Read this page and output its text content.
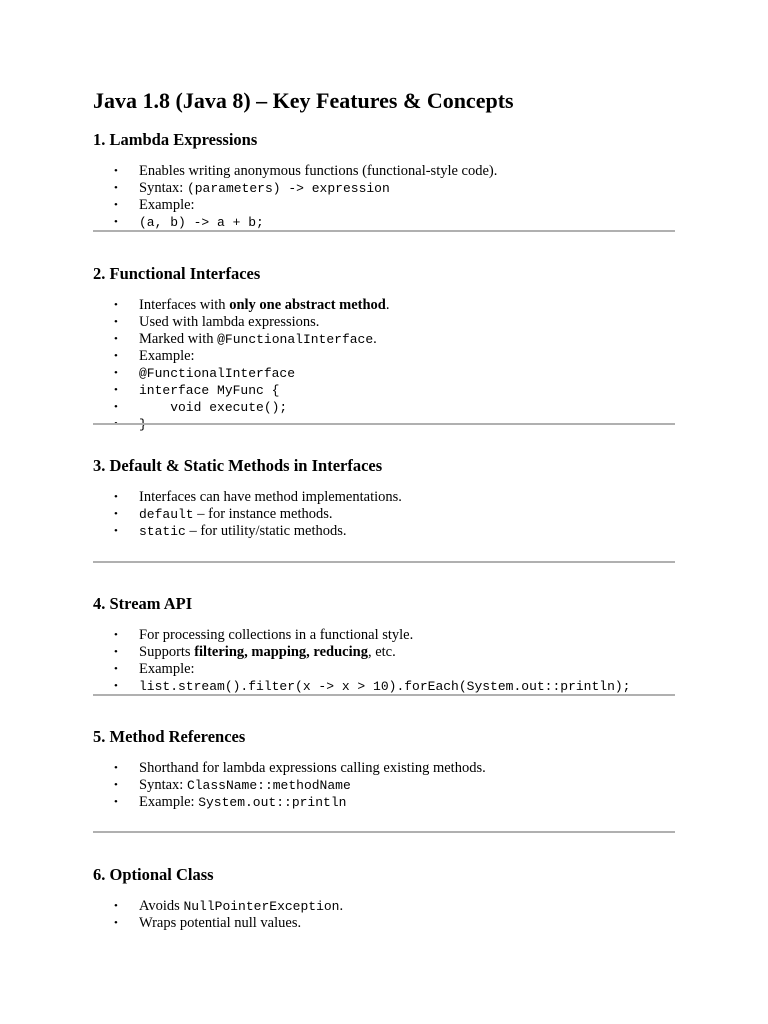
Java 1.8 (Java 8) – Key Features & Concepts
1. Lambda Expressions
• Enables writing anonymous functions (functional-style code).
• Syntax: (parameters) -> expression
• Example:
• (a, b) -> a + b;
2. Functional Interfaces
• Interfaces with only one abstract method.
• Used with lambda expressions.
• Marked with @FunctionalInterface.
• Example:
• @FunctionalInterface
• interface MyFunc {
• void execute();
• }
3. Default & Static Methods in Interfaces
• Interfaces can have method implementations.
• default – for instance methods.
• static – for utility/static methods.
4. Stream API
• For processing collections in a functional style.
• Supports filtering, mapping, reducing, etc.
• Example:
• list.stream().filter(x -> x > 10).forEach(System.out::println);
5. Method References
• Shorthand for lambda expressions calling existing methods.
• Syntax: ClassName::methodName
• Example: System.out::println
6. Optional Class
• Avoids NullPointerException.
• Wraps potential null values.
